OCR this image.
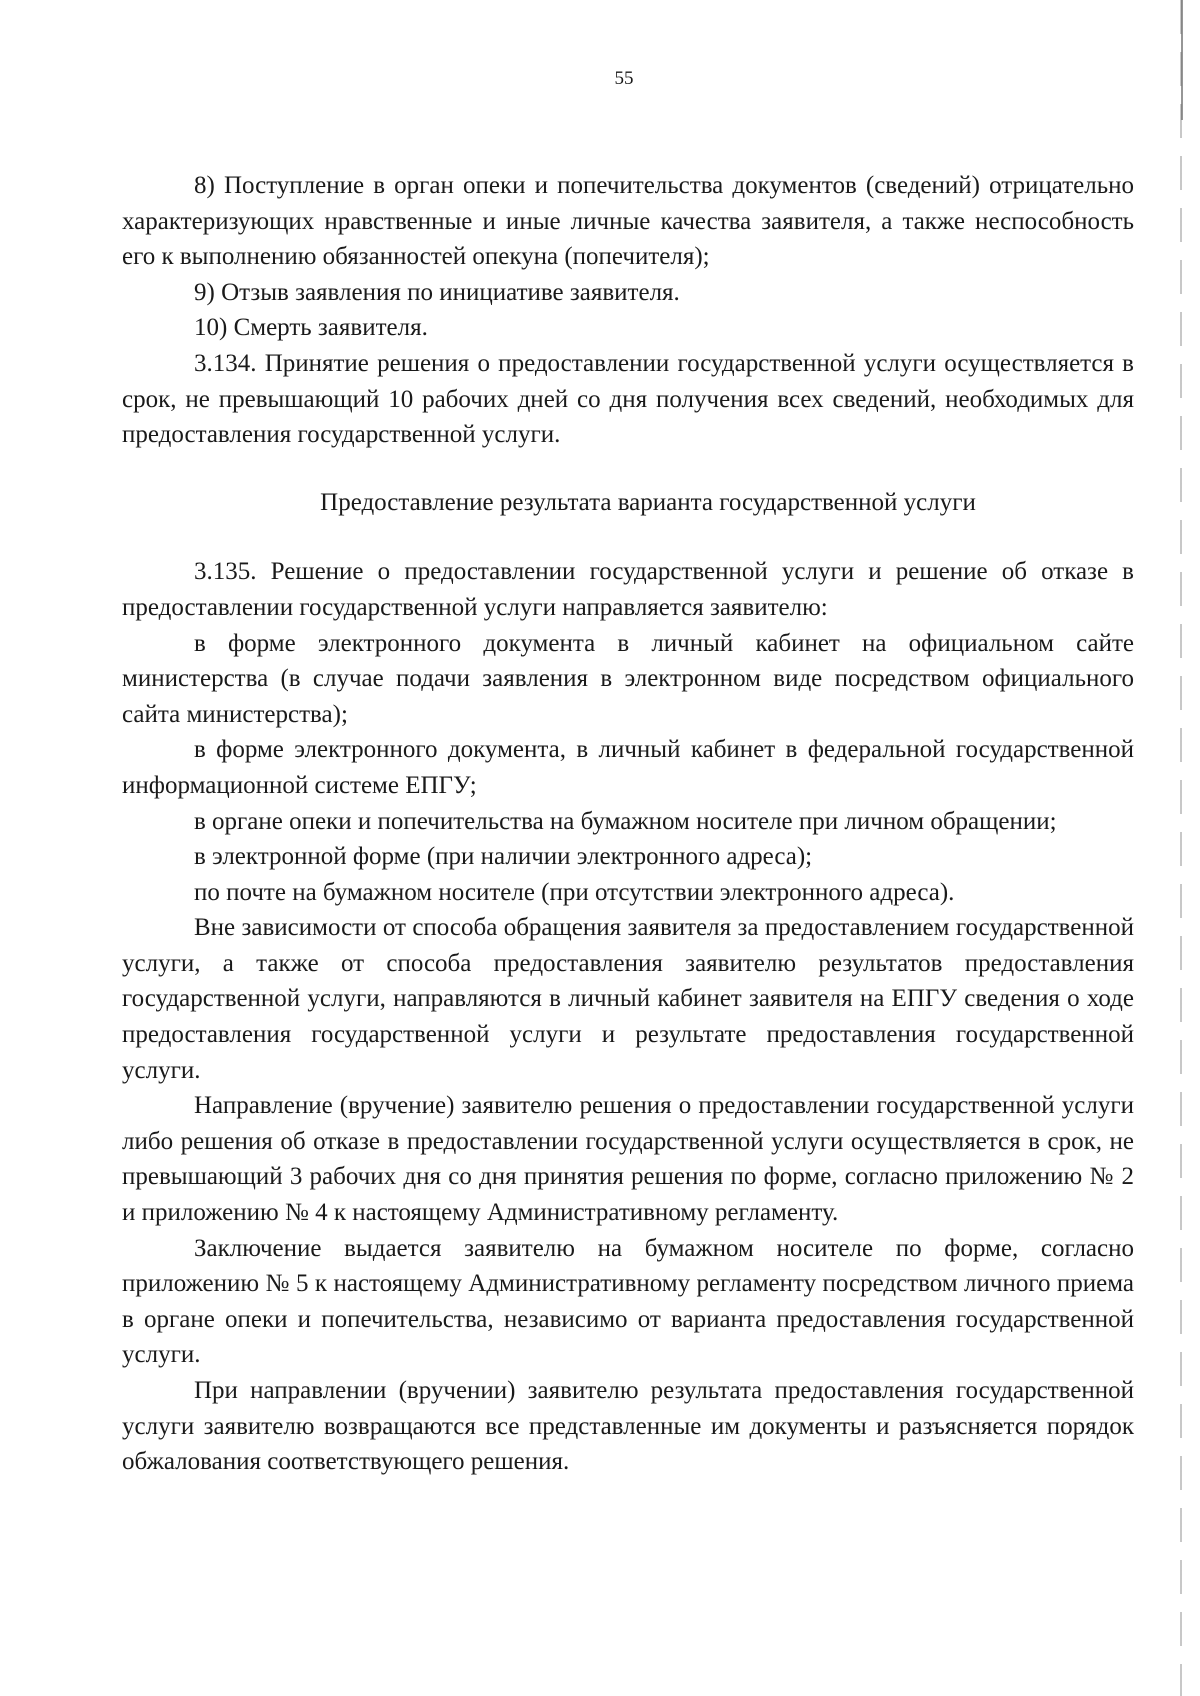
55

8) Поступление в орган опеки и попечительства документов (сведений) отрицательно характеризующих нравственные и иные личные качества заявителя, а также неспособность его к выполнению обязанностей опекуна (попечителя);

9) Отзыв заявления по инициативе заявителя.

10) Смерть заявителя.

3.134. Принятие решения о предоставлении государственной услуги осуществляется в срок, не превышающий 10 рабочих дней со дня получения всех сведений, необходимых для предоставления государственной услуги.

Предоставление результата варианта государственной услуги

3.135. Решение о предоставлении государственной услуги и решение об отказе в предоставлении государственной услуги направляется заявителю:

в форме электронного документа в личный кабинет на официальном сайте министерства (в случае подачи заявления в электронном виде посредством официального сайта министерства);

в форме электронного документа, в личный кабинет в федеральной государственной информационной системе ЕПГУ;

в органе опеки и попечительства на бумажном носителе при личном обращении;

в электронной форме (при наличии электронного адреса);

по почте на бумажном носителе (при отсутствии электронного адреса).

Вне зависимости от способа обращения заявителя за предоставлением государственной услуги, а также от способа предоставления заявителю результатов предоставления государственной услуги, направляются в личный кабинет заявителя на ЕПГУ сведения о ходе предоставления государственной услуги и результате предоставления государственной услуги.

Направление (вручение) заявителю решения о предоставлении государственной услуги либо решения об отказе в предоставлении государственной услуги осуществляется в срок, не превышающий 3 рабочих дня со дня принятия решения по форме, согласно приложению № 2 и приложению № 4 к настоящему Административному регламенту.

Заключение выдается заявителю на бумажном носителе по форме, согласно приложению № 5 к настоящему Административному регламенту посредством личного приема в органе опеки и попечительства, независимо от варианта предоставления государственной услуги.

При направлении (вручении) заявителю результата предоставления государственной услуги заявителю возвращаются все представленные им документы и разъясняется порядок обжалования соответствующего решения.
